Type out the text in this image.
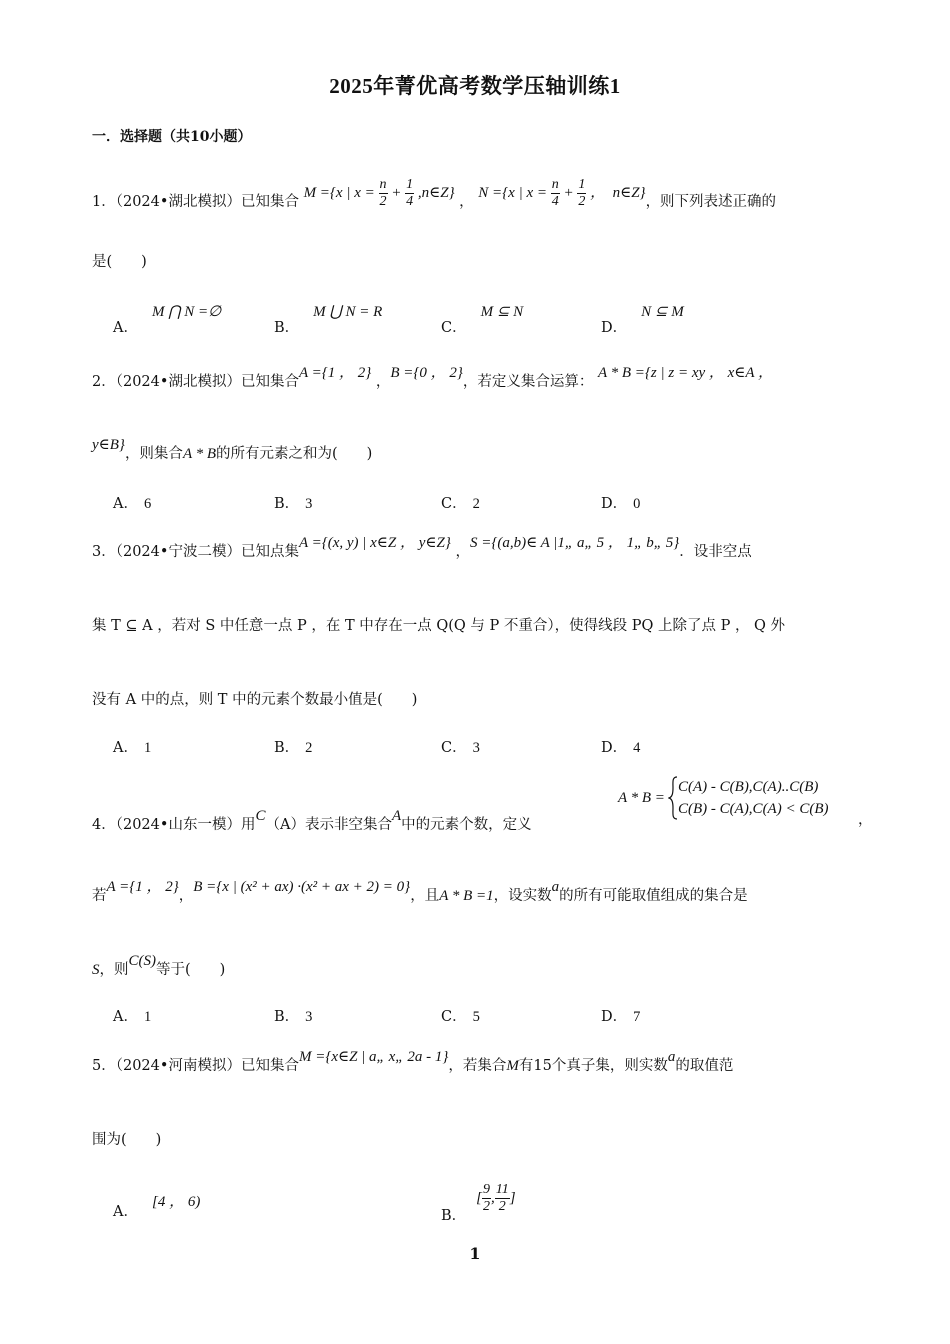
2025年菁优高考数学压轴训练1
一．选择题（共10小题）
1．（2024•湖北模拟）已知集合 M ={x | $x = \frac{n}{2} + \frac{1}{4}$ ,n∈Z} ， N ={x | $x = \frac{n}{4} + \frac{1}{2}$ ，  n∈Z}，则下列表述正确的
是(　　)
A．M ⋂ N =∅
B．M ⋃ N = R
C．M ⊆ N
D．N ⊆ M
2．（2024•湖北模拟）已知集合A ={1 ， 2} ，B ={0 ， 2}，若定义集合运算： A * B ={z | z = xy ， x∈A ，
y∈B}，则集合A * B的所有元素之和为(　　)
A． 6	B． 3	C． 2	D． 0
3．（2024•宁波二模）已知点集A ={(x, y) | x∈Z ， y∈Z} ，S ={(a,b)∈ A |1„ a„ 5 ， 1„ b„ 5}．设非空点
集 T ⊆ A ，若对 S 中任意一点 P ，在 T 中存在一点 Q(Q 与 P 不重合），使得线段 PQ 上除了点 P ， Q 外
没有 A 中的点，则 T 中的元素个数最小值是(　　)
A． 1	B． 2	C． 3	D． 4
4．（2024•山东一模）用C（A）表示非空集合A中的元素个数，定义
A * B =
C(A) - C(B),C(A)..C(B)
C(B) - C(A),C(A) < C(B)
，
若A ={1 ， 2}，B ={x | (x² + ax) ·(x² + ax + 2) = 0}，且A * B =1，设实数a的所有可能取值组成的集合是
S，则C(S)等于(　　)
A． 1	B． 3	C． 5	D． 7
5．（2024•河南模拟）已知集合M ={x∈Z | a„ x„ 2a - 1}，若集合M有15个真子集，则实数a的取值范
围为(　　)
A．[4 ， 6)
B．[ $\frac{9}{2}$ , $\frac{11}{2}$ ]
1
